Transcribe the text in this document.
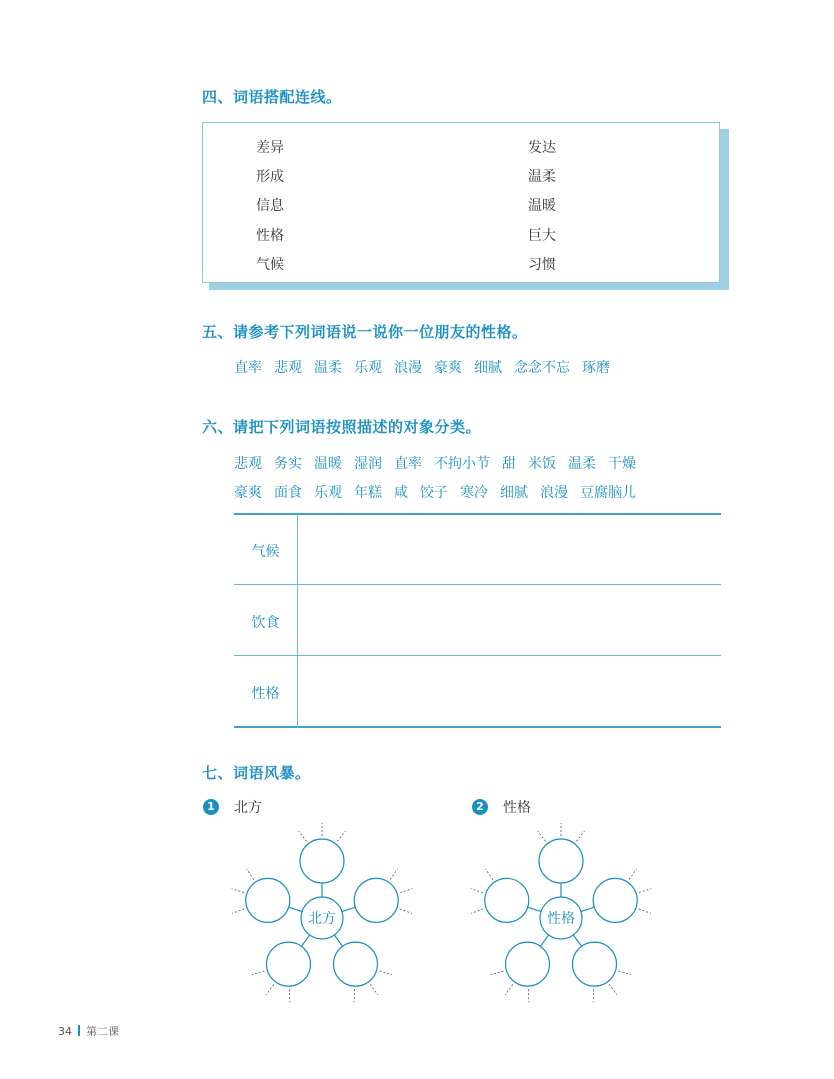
四、词语搭配连线。
差异
形成
信息
性格
气候
发达
温柔
温暖
巨大
习惯
五、请参考下列词语说一说你一位朋友的性格。
直率 悲观 温柔 乐观 浪漫 豪爽 细腻 念念不忘 琢磨
六、请把下列词语按照描述的对象分类。
悲观 务实 温暖 湿润 直率 不拘小节 甜 米饭 温柔 干燥
豪爽 面食 乐观 年糕 咸 饺子 寒冷 细腻 浪漫 豆腐脑儿
气候
饮食
性格
七、词语风暴。
1 北方	2 性格
北方	性格
34 第二课
